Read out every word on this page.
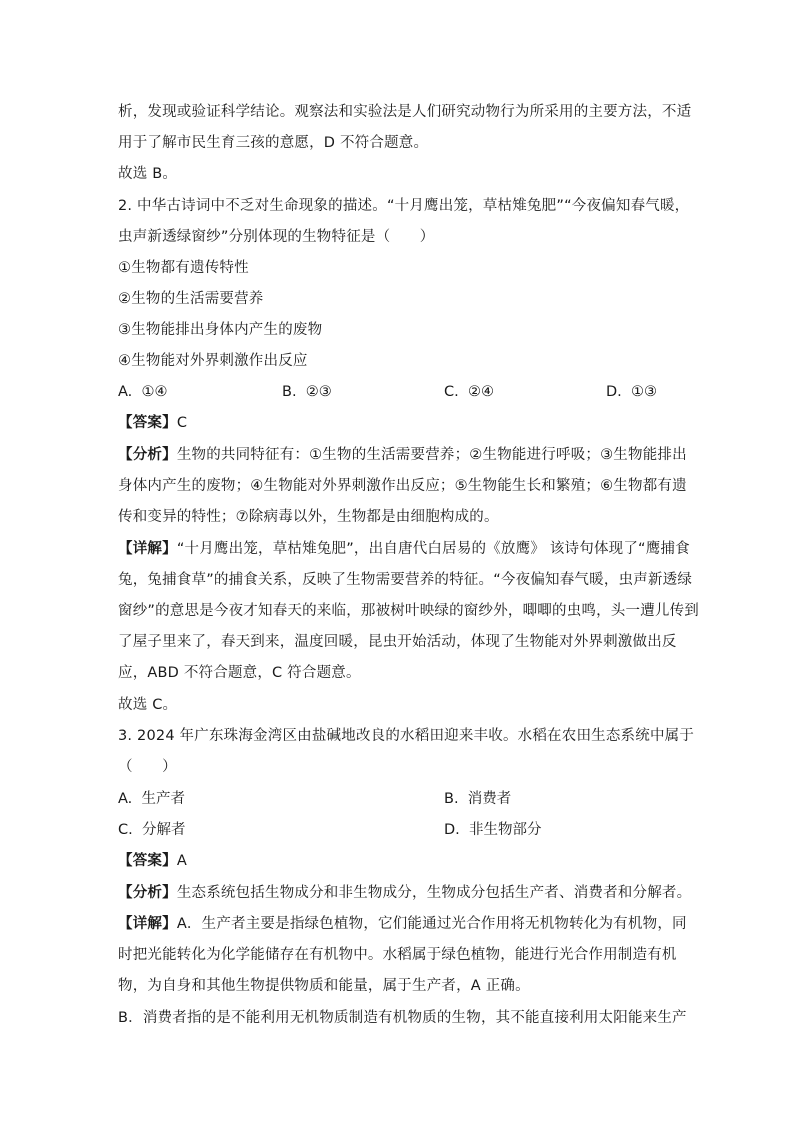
析，发现或验证科学结论。观察法和实验法是人们研究动物行为所采用的主要方法，不适
用于了解市民生育三孩的意愿，D 不符合题意。
故选 B。
2. 中华古诗词中不乏对生命现象的描述。“十月鹰出笼，草枯雉兔肥”“今夜偏知春气暖，
虫声新透绿窗纱”分别体现的生物特征是（　　）
①生物都有遗传特性
②生物的生活需要营养
③生物能排出身体内产生的废物
④生物能对外界刺激作出反应
A. ①④	B. ②③	C. ②④	D. ①③
【答案】C
【分析】生物的共同特征有：①生物的生活需要营养；②生物能进行呼吸；③生物能排出
身体内产生的废物；④生物能对外界刺激作出反应；⑤生物能生长和繁殖；⑥生物都有遗
传和变异的特性；⑦除病毒以外，生物都是由细胞构成的。
【详解】“十月鹰出笼，草枯雉兔肥”，出自唐代白居易的《放鹰》 该诗句体现了“鹰捕食
兔，兔捕食草”的捕食关系，反映了生物需要营养的特征。“今夜偏知春气暖，虫声新透绿
窗纱”的意思是今夜才知春天的来临，那被树叶映绿的窗纱外，唧唧的虫鸣，头一遭儿传到
了屋子里来了，春天到来，温度回暖，昆虫开始活动，体现了生物能对外界刺激做出反
应，ABD 不符合题意，C 符合题意。
故选 C。
3. 2024 年广东珠海金湾区由盐碱地改良的水稻田迎来丰收。水稻在农田生态系统中属于
（　　）
A. 生产者	B. 消费者
C. 分解者	D. 非生物部分
【答案】A
【分析】生态系统包括生物成分和非生物成分，生物成分包括生产者、消费者和分解者。
【详解】A．生产者主要是指绿色植物，它们能通过光合作用将无机物转化为有机物，同
时把光能转化为化学能储存在有机物中。水稻属于绿色植物，能进行光合作用制造有机
物，为自身和其他生物提供物质和能量，属于生产者，A 正确。
B．消费者指的是不能利用无机物质制造有机物质的生物，其不能直接利用太阳能来生产
